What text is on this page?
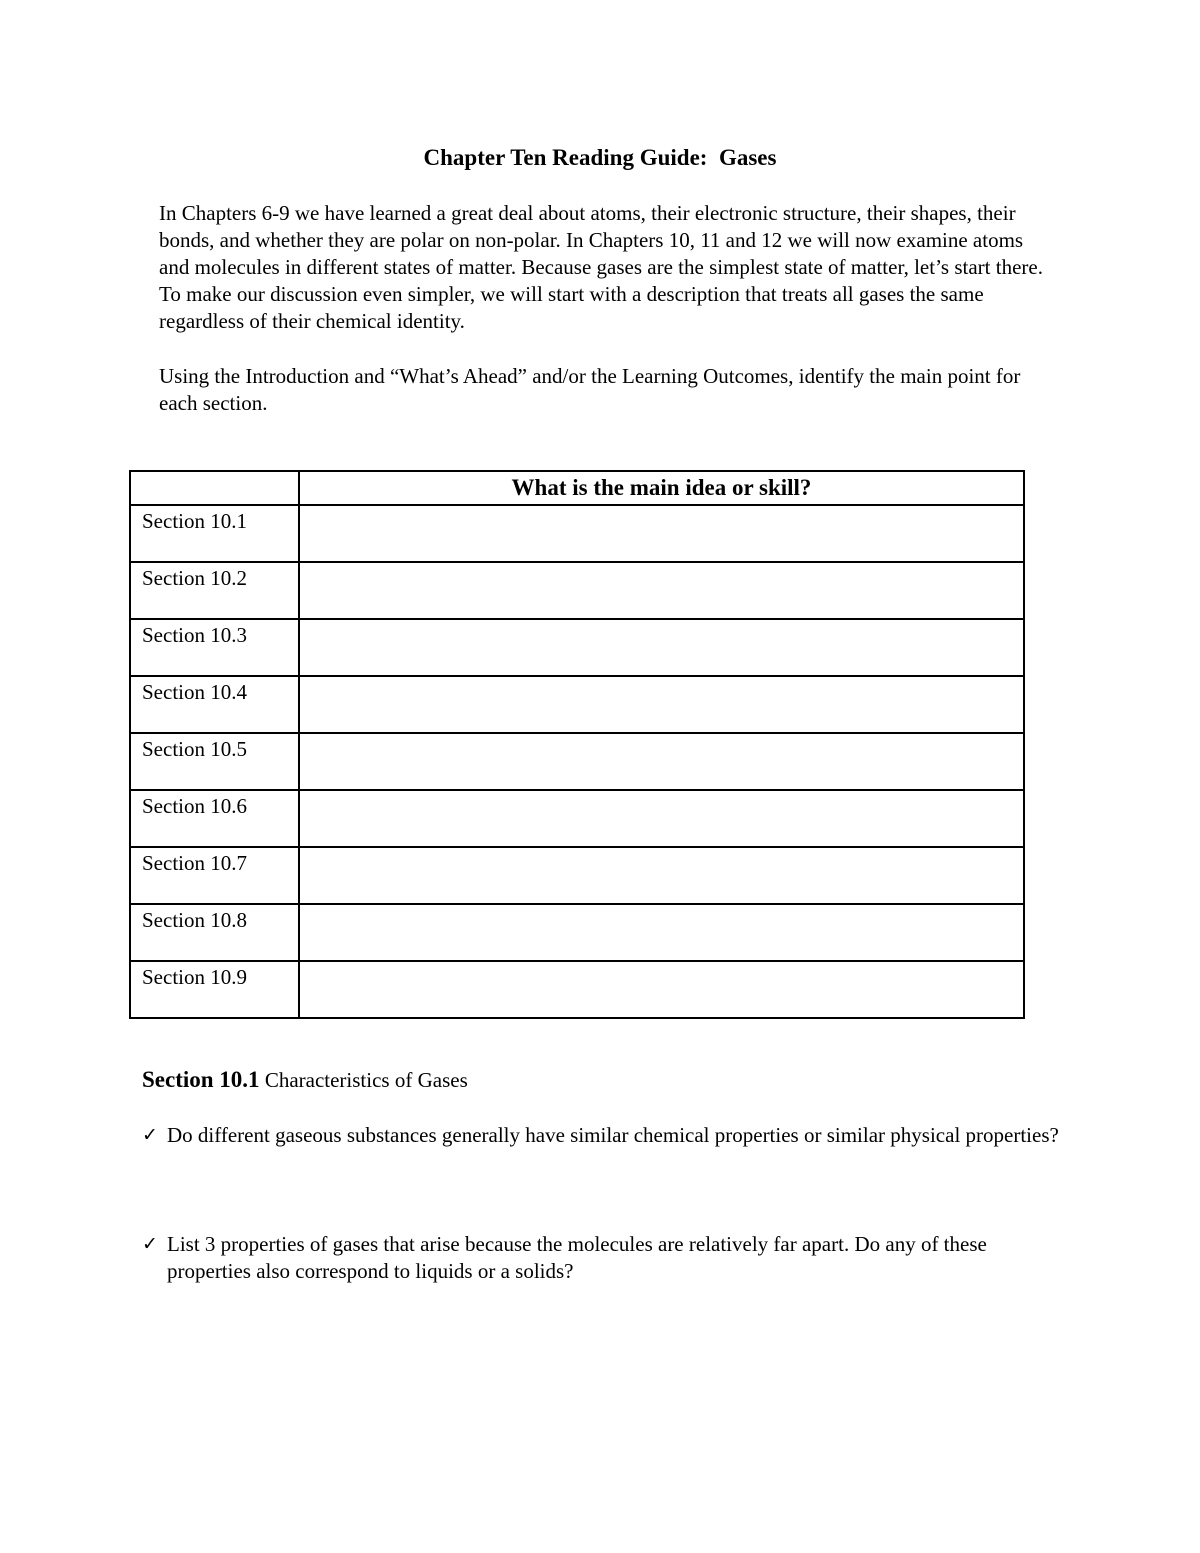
Chapter Ten Reading Guide:  Gases
In Chapters 6-9 we have learned a great deal about atoms, their electronic structure, their shapes, their bonds, and whether they are polar on non-polar. In Chapters 10, 11 and 12 we will now examine atoms and molecules in different states of matter. Because gases are the simplest state of matter, let’s start there. To make our discussion even simpler, we will start with a description that treats all gases the same regardless of their chemical identity.
Using the Introduction and “What’s Ahead” and/or the Learning Outcomes, identify the main point for each section.
	What is the main idea or skill?
Section 10.1	
Section 10.2	
Section 10.3	
Section 10.4	
Section 10.5	
Section 10.6	
Section 10.7	
Section 10.8	
Section 10.9	
Section 10.1 Characteristics of Gases
✓ Do different gaseous substances generally have similar chemical properties or similar physical properties?
✓ List 3 properties of gases that arise because the molecules are relatively far apart. Do any of these properties also correspond to liquids or a solids?
